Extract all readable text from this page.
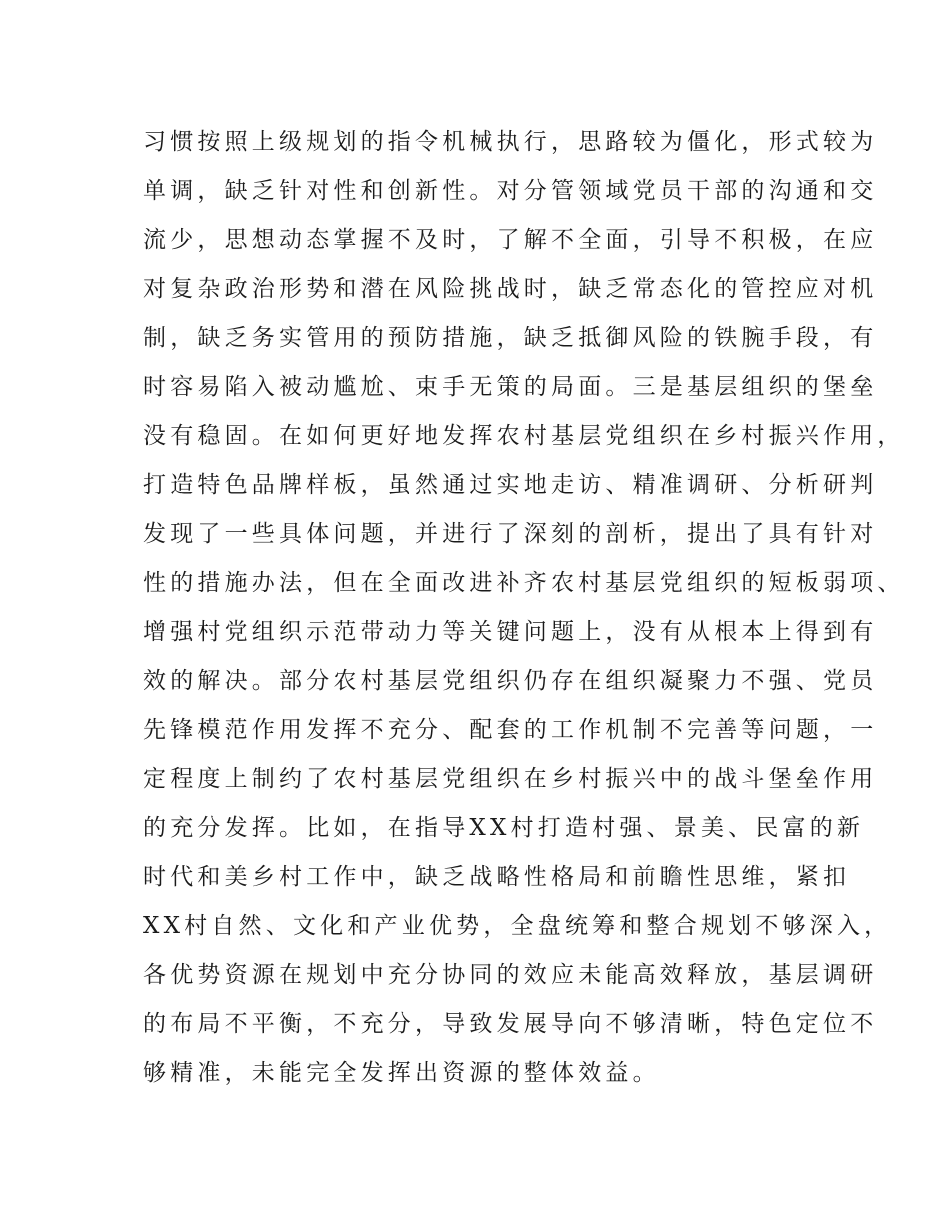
习惯按照上级规划的指令机械执行，思路较为僵化，形式较为
单调，缺乏针对性和创新性。对分管领域党员干部的沟通和交
流少，思想动态掌握不及时，了解不全面，引导不积极，在应
对复杂政治形势和潜在风险挑战时，缺乏常态化的管控应对机
制，缺乏务实管用的预防措施，缺乏抵御风险的铁腕手段，有
时容易陷入被动尴尬、束手无策的局面。三是基层组织的堡垒
没有稳固。在如何更好地发挥农村基层党组织在乡村振兴作用，
打造特色品牌样板，虽然通过实地走访、精准调研、分析研判
发现了一些具体问题，并进行了深刻的剖析，提出了具有针对
性的措施办法，但在全面改进补齐农村基层党组织的短板弱项、
增强村党组织示范带动力等关键问题上，没有从根本上得到有
效的解决。部分农村基层党组织仍存在组织凝聚力不强、党员
先锋模范作用发挥不充分、配套的工作机制不完善等问题，一
定程度上制约了农村基层党组织在乡村振兴中的战斗堡垒作用
的充分发挥。比如，在指导XX村打造村强、景美、民富的新
时代和美乡村工作中，缺乏战略性格局和前瞻性思维，紧扣
XX村自然、文化和产业优势，全盘统筹和整合规划不够深入，
各优势资源在规划中充分协同的效应未能高效释放，基层调研
的布局不平衡，不充分，导致发展导向不够清晰，特色定位不
够精准，未能完全发挥出资源的整体效益。
